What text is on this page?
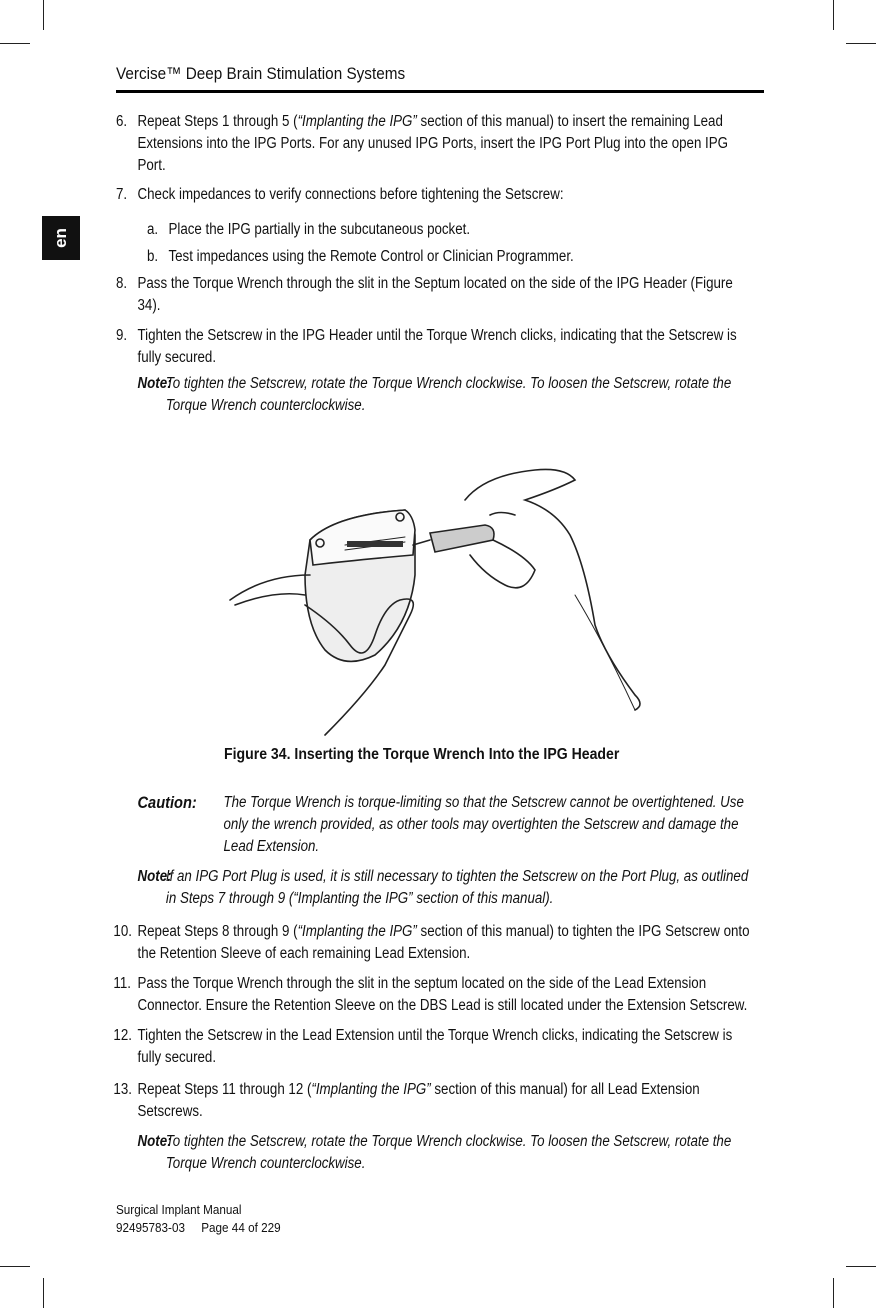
Vercise™ Deep Brain Stimulation Systems
en
6. Repeat Steps 1 through 5 (“Implanting the IPG” section of this manual) to insert the remaining Lead Extensions into the IPG Ports. For any unused IPG Ports, insert the IPG Port Plug into the open IPG Port.
7. Check impedances to verify connections before tightening the Setscrew:
a. Place the IPG partially in the subcutaneous pocket.
b. Test impedances using the Remote Control or Clinician Programmer.
8. Pass the Torque Wrench through the slit in the Septum located on the side of the IPG Header (Figure 34).
9. Tighten the Setscrew in the IPG Header until the Torque Wrench clicks, indicating that the Setscrew is fully secured.
Note:
To tighten the Setscrew, rotate the Torque Wrench clockwise. To loosen the Setscrew, rotate the Torque Wrench counterclockwise.
Figure 34. Inserting the Torque Wrench Into the IPG Header
Caution: The Torque Wrench is torque-limiting so that the Setscrew cannot be overtightened. Use only the wrench provided, as other tools may overtighten the Setscrew and damage the Lead Extension.
Note:
If an IPG Port Plug is used, it is still necessary to tighten the Setscrew on the Port Plug, as outlined in Steps 7 through 9 (“Implanting the IPG” section of this manual).
10. Repeat Steps 8 through 9 (“Implanting the IPG” section of this manual) to tighten the IPG Setscrew onto the Retention Sleeve of each remaining Lead Extension.
11. Pass the Torque Wrench through the slit in the septum located on the side of the Lead Extension Connector. Ensure the Retention Sleeve on the DBS Lead is still located under the Extension Setscrew.
12. Tighten the Setscrew in the Lead Extension until the Torque Wrench clicks, indicating the Setscrew is fully secured.
13. Repeat Steps 11 through 12 (“Implanting the IPG” section of this manual) for all Lead Extension Setscrews.
Note:
To tighten the Setscrew, rotate the Torque Wrench clockwise. To loosen the Setscrew, rotate the Torque Wrench counterclockwise.
Surgical Implant Manual
92495783-03 Page 44 of 229
